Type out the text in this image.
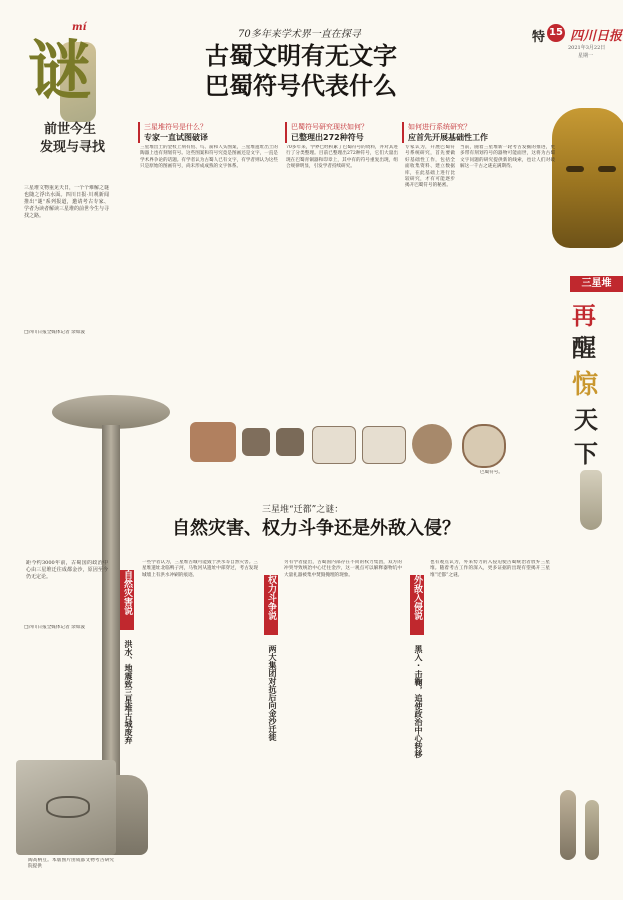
特 15 四川日报
2021年3月22日
星期一
三星堆
再
醒
惊
天
下
mí
谜
前世今生
发现与寻找
三星堆文物重见天日，一个个难解之谜也随之浮出水面。四川日报·川观新闻推出“谜”系列报道，邀请考古专家、学者为读者解读三星堆的前世今生与寻找之路。
□四川日报全媒体记者 余如波
70多年来学术界一直在探寻
古蜀文明有无文字
巴蜀符号代表什么
三星堆符号是什么？
专家一直试图破译
巴蜀符号研究现状如何？
已整理出272种符号
如何进行系统研究？
应首先开展基础性工作
三星堆出土的金杖上刻有鱼、鸟、箭和人头图案，三星堆遗址出土的陶器上也有刻划符号。这些图案和符号究竟是图画还是文字，一直是学术界争论的话题。有学者认为古蜀人已有文字，有学者则认为这些只是原始的图画符号，尚未形成成熟的文字体系。
70多年来，学界已经积累了巴蜀符号的资料，并对其进行了分类整理。目前已整理出272种符号，它们大量出现在巴蜀青铜器和印章上，其中有的符号重复出现，组合规律明显，引发学者持续研究。
专家认为，开展巴蜀符号系统研究，首先要做好基础性工作，包括全面收集资料、建立数据库，在此基础上进行比较研究，才有可能逐步揭开巴蜀符号的秘密。
当前，随着三星堆新一轮考古发掘的推进，更多带有刻划符号的器物可能面世，这将为古蜀文字问题的研究提供新的线索，也让人们对破解这一千古之谜充满期待。
巴蜀符号。
三星堆“迁都”之谜：
自然灾害、权力斗争还是外敌入侵？
距今约3000年前，古蜀国的政治中心由三星堆迁往成都金沙，原因至今仍无定论。
□四川日报全媒体记者 余如波
自然灾害说
洪水、地震致三星堆古城废弃
权力斗争说
两大集团对抗后向金沙迁徙
外敌入侵说
黑入·击鞠，追使政治中心转移
一些学者认为，三星堆古城可能毁于洪水等自然灾害。三星堆遗址北临鸭子河，马牧河从遗址中部穿过，考古发现城墙上有洪水冲刷的痕迹。
另有学者提出，古蜀国内部存在不同的权力集团，双方的冲突导致统治中心迁往金沙，这一观点可以解释器物坑中大量礼器被集中焚毁掩埋的现象。
也有观点认为，外来势力的入侵迫使古蜀统治者放弃三星堆。随着考古工作的深入，更多证据的出现有望揭开三星堆“迁都”之谜。
陶高柄豆。本版图片由成都文物考古研究院提供
